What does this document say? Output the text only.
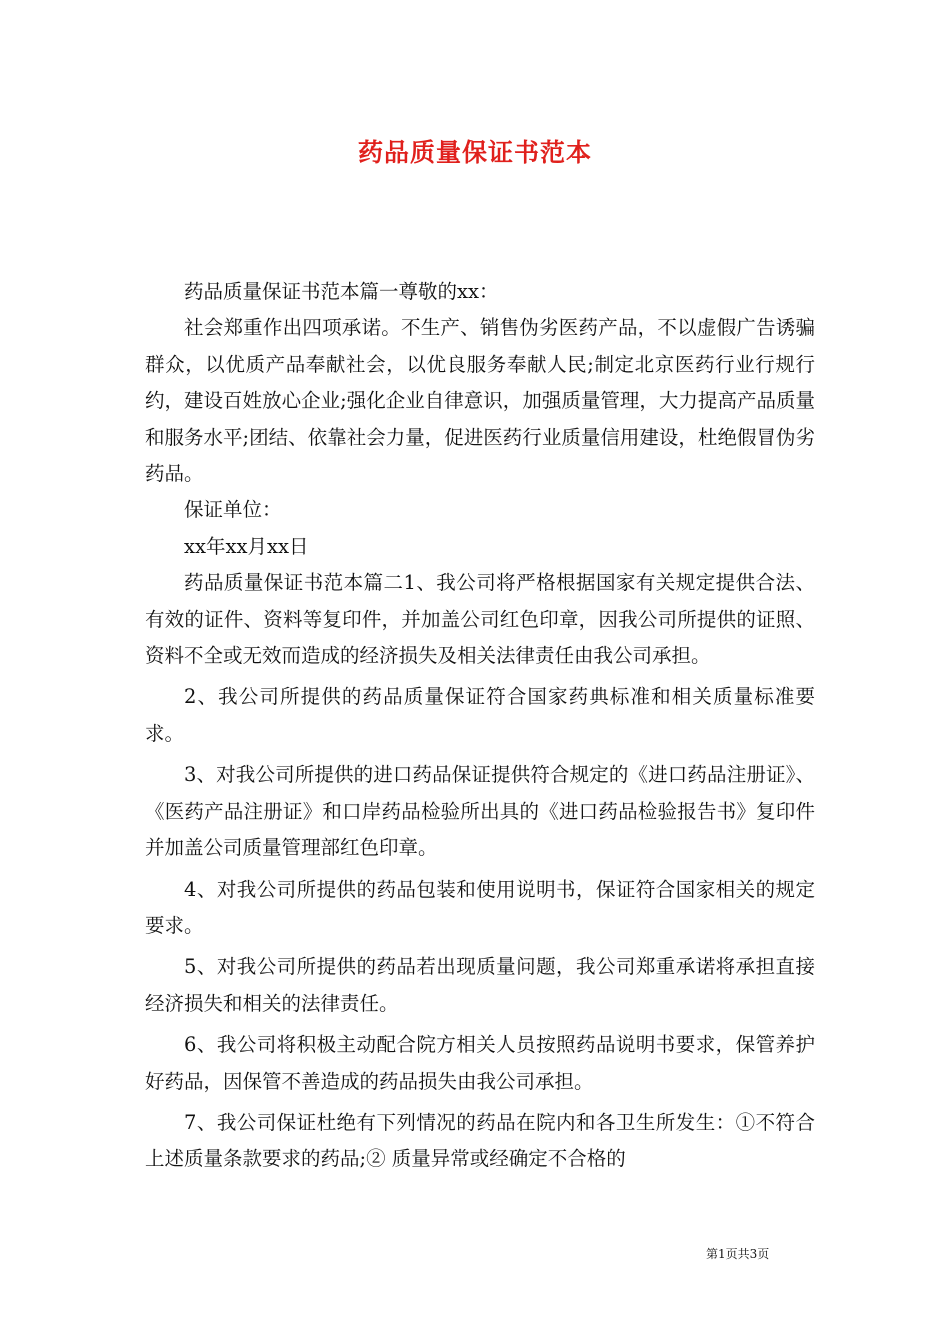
药品质量保证书范本

药品质量保证书范本篇一尊敬的xx：

社会郑重作出四项承诺。不生产、销售伪劣医药产品，不以虚假广告诱骗群众，以优质产品奉献社会，以优良服务奉献人民;制定北京医药行业行规行约，建设百姓放心企业;强化企业自律意识，加强质量管理，大力提高产品质量和服务水平;团结、依靠社会力量，促进医药行业质量信用建设，杜绝假冒伪劣药品。

保证单位：

xx年xx月xx日

药品质量保证书范本篇二1、我公司将严格根据国家有关规定提供合法、有效的证件、资料等复印件，并加盖公司红色印章，因我公司所提供的证照、资料不全或无效而造成的经济损失及相关法律责任由我公司承担。

2、我公司所提供的药品质量保证符合国家药典标准和相关质量标准要求。

3、对我公司所提供的进口药品保证提供符合规定的《进口药品注册证》、《医药产品注册证》和口岸药品检验所出具的《进口药品检验报告书》复印件并加盖公司质量管理部红色印章。

4、对我公司所提供的药品包装和使用说明书，保证符合国家相关的规定要求。

5、对我公司所提供的药品若出现质量问题，我公司郑重承诺将承担直接经济损失和相关的法律责任。

6、我公司将积极主动配合院方相关人员按照药品说明书要求，保管养护好药品，因保管不善造成的药品损失由我公司承担。

7、我公司保证杜绝有下列情况的药品在院内和各卫生所发生：①不符合上述质量条款要求的药品;② 质量异常或经确定不合格的

第1页共3页
